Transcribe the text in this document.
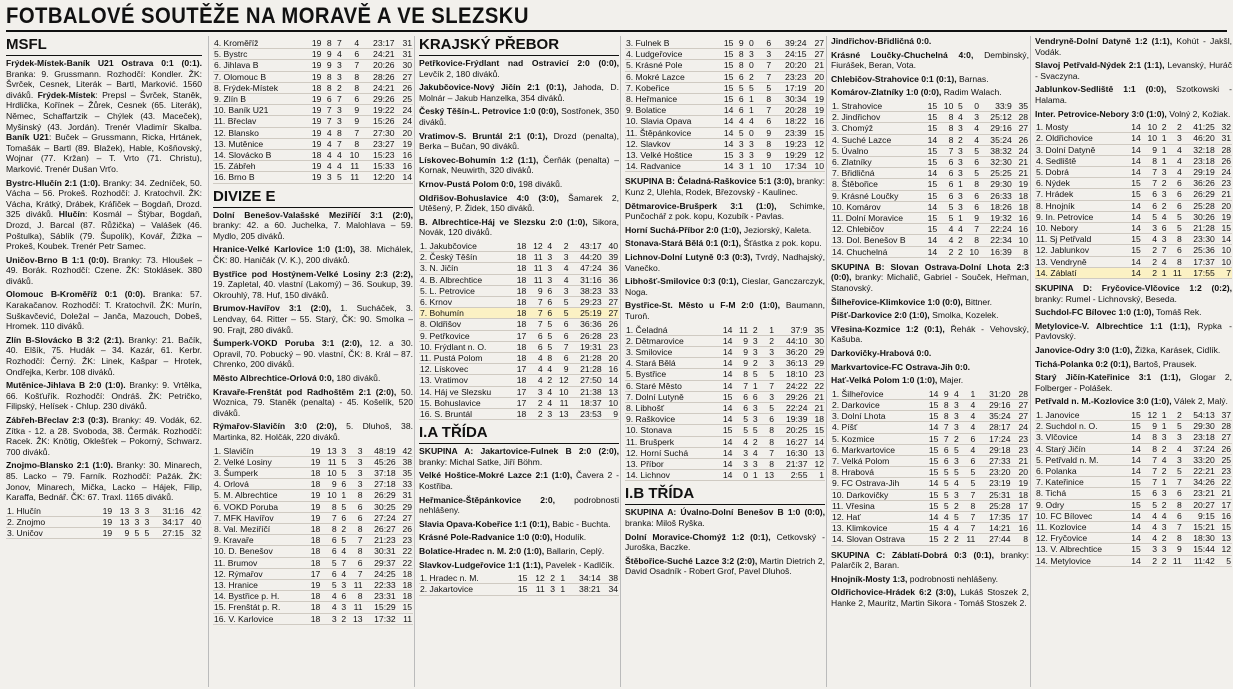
FOTBALOVÉ SOUTĚŽE NA MORAVĚ A VE SLEZSKU
MSFL

Frýdek-Místek-Baník U21 Ostrava 0:1 (0:1). Branka: 9. Grussmann. Rozhodčí: Kondler. ŽK: Švrček, Cesnek, Literák – Bartl, Marković. 1560 diváků. Frýdek-Místek: Prepsl – Švrček, Staněk, Hrdlička, Kořínek – Žůrek, Cesnek (65. Literák), Němec, Schaffartzik – Chýlek (43. Maceček), Myšinský (43. Jordán). Trenér Vladimír Skalba. Baník U21: Buček – Grussmann, Ricka, Hrtánek, Tomašák – Bartl (89. Blažek), Hable, Košňovský, Wojnar (77. Kržan) – T. Vrto (71. Christu), Marković. Trenér Dušan Vrťo.

Bystrc-Hlučín 2:1 (1:0). Branky: 34. Zedníček, 50. Vácha – 56. Prokeš. Rozhodčí: J. Kratochvíl. ŽK: Vácha, Krátký, Drábek, Kráľiček – Bogdaň, Drozd. 325 diváků. Hlučín: Kosmál – Štýbar, Bogdaň, Drozd, J. Barcal (87. Růžička) – Valášek (46. Poštulka), Sáblík (79. Šupolík), Kovář, Žižka – Prokeš, Koubek. Trenér Petr Samec.

Uničov-Brno B 1:1 (0:0). Branky: 73. Hloušek – 49. Borák. Rozhodčí: Czene. ŽK: Stoklásek. 380 diváků.

Olomouc B-Kroměříž 0:1 (0:0). Branka: 57. Karakačanov. Rozhodčí: T. Kratochvíl. ŽK: Murín, Suškavčević, Doležal – Janča, Mazouch, Dobeš, Hromek. 110 diváků.

Zlín B-Slovácko B 3:2 (2:1). Branky: 21. Bačík, 40. Elšík, 75. Hudák – 34. Kazár, 61. Kerbr. Rozhodčí: Černý. ŽK: Linek, Kašpar – Hrotek, Ondřejka, Kerbr. 108 diváků.

Mutěnice-Jihlava B 2:0 (1:0). Branky: 9. Vrtělka, 66. Košťuřík. Rozhodčí: Ondráš. ŽK: Petričko, Filipský, Helísek - Chlup. 230 diváků.

Zábřeh-Břeclav 2:3 (0:3). Branky: 49. Vodák, 62. Zítka - 12. a 28. Svoboda, 38. Čermák. Rozhodčí: Racek. ŽK: Knötig, Oklešťek – Pokorný, Schwarz. 700 diváků.

Znojmo-Blansko 2:1 (1:0). Branky: 30. Minarech, 85. Lacko – 79. Farník. Rozhodčí: Pažák. ŽK: Jonov, Minarech, Mička, Lacko – Hájek, Filip, Karaffa, Bednář. ČK: 67. Traxl. 1165 diváků.

1. Hlučín	19	13	3	3	31:16	42
2. Znojmo	19	13	3	3	34:17	40
3. Uničov	19	9	5	5	27:15	32
4. Kroměříž	19	8	7	4	23:17	31
5. Bystrc	19	9	4	6	24:21	31
6. Jihlava B	19	9	3	7	20:26	30
7. Olomouc B	19	8	3	8	28:26	27
8. Frýdek-Místek	18	8	2	8	24:21	26
9. Zlín B	19	6	7	6	29:26	25
10. Baník U21	19	7	3	9	19:22	24
11. Břeclav	19	7	3	9	15:26	24
12. Blansko	19	4	8	7	27:30	20
13. Mutěnice	19	4	7	8	23:27	19
14. Slovácko B	18	4	4	10	15:23	16
15. Zábřeh	19	4	4	11	15:33	16
16. Brno B	19	3	5	11	12:20	14
DIVIZE E

Dolní Benešov-Valašské Meziříčí 3:1 (2:0), branky: 42. a 60. Juchelka, 7. Malohlava – 59. Mydlo, 205 diváků.

Hranice-Velké Karlovice 1:0 (1:0), 38. Michálek, ČK: 80. Haničák (V. K.), 200 diváků.

Bystřice pod Hostýnem-Velké Losiny 2:3 (2:2), 19. Zapletal, 40. vlastní (Lakomý) – 36. Soukup, 39. Okrouhlý, 78. Huf, 150 diváků.

Brumov-Havířov 3:1 (2:0), 1. Sucháček, 3. Lendvay, 64. Ritter – 55. Starý, ČK: 90. Smolka – 90. Frajt, 280 diváků.

Šumperk-VOKD Poruba 3:1 (2:0), 12. a 30. Opravil, 70. Pobucký – 90. vlastní, ČK: 8. Král – 87. Chrenko, 200 diváků.

Město Albrechtice-Orlová 0:0, 180 diváků.

Kravaře-Frenštát pod Radhoštěm 2:1 (2:0), 50. Woznica, 79. Staněk (penalta) - 45. Košelík, 520 diváků.

Rýmařov-Slavičín 3:0 (2:0), 5. Dluhoš, 38. Martinka, 82. Holčák, 220 diváků.

1. Slavičín	19	13	3	3	48:19	42
2. Velké Losiny	19	11	5	3	45:26	38
3. Šumperk	18	10	5	3	37:18	35
4. Orlová	18	9	6	3	27:18	33
5. M. Albrechtice	19	10	1	8	26:29	31
6. VOKD Poruba	19	8	5	6	30:25	29
7. MFK Havířov	19	7	6	6	27:24	27
8. Val. Meziříčí	18	8	2	8	26:27	26
9. Kravaře	18	6	5	7	21:23	23
10. D. Benešov	18	6	4	8	30:31	22
11. Brumov	18	5	7	6	29:37	22
12. Rýmařov	17	6	4	7	24:25	18
13. Hranice	19	5	3	11	22:33	18
14. Bystřice p. H.	18	4	6	8	23:31	18
15. Frenštát p. R.	18	4	3	11	15:29	15
16. V. Karlovice	18	3	2	13	17:32	11
KRAJSKÝ PŘEBOR

Petřkovice-Frýdlant nad Ostravicí 2:0 (0:0), Levčík 2, 180 diváků.

Jakubčovice-Nový Jičín 2:1 (0:1), Jahoda, D. Molnár – Jakub Hanzelka, 354 diváků.

Český Těšín-L. Petrovice 1:0 (0:0), Sostřonek, 350 diváků.

Vratimov-S. Bruntál 2:1 (0:1), Drozd (penalta), Berka – Bučan, 90 diváků.

Lískovec-Bohumín 1:2 (1:1), Čerňák (penalta) – Kornak, Neuwirth, 320 diváků.

Krnov-Pustá Polom 0:0, 198 diváků.

Oldřišov-Bohuslavice 4:0 (3:0), Šamarek 2, Utěšený, P. Židek, 150 diváků.

B. Albrechtice-Háj ve Slezsku 2:0 (1:0), Sikora, Novák, 120 diváků.

1. Jakubčovice	18	12	4	2	43:17	40
2. Český Těšín	18	11	3	3	44:20	39
3. N. Jičín	18	11	3	4	47:24	36
4. B. Albrechtice	18	11	3	4	31:16	36
5. L. Petrovice	18	9	6	3	38:23	33
6. Krnov	18	7	6	5	29:23	27
7. Bohumín	18	7	6	5	25:19	27
8. Oldřišov	18	7	5	6	36:36	26
9. Petřkovice	17	6	5	6	26:28	23
10. Frýdlant n. O.	18	6	5	7	19:31	23
11. Pustá Polom	18	4	8	6	21:28	20
12. Lískovec	17	4	4	9	21:28	16
13. Vratimov	18	4	2	12	27:50	14
14. Háj ve Slezsku	17	3	4	10	21:38	13
15. Bohuslavice	17	2	4	11	18:37	10
16. S. Bruntál	18	2	3	13	23:53	9
I.A TŘÍDA

SKUPINA A: Jakartovice-Fulnek B 2:0 (2:0), branky: Michal Satke, Jiří Böhm.

Velké Hoštice-Mokré Lazce 2:1 (1:0), Čavera 2 - Kostřiba.

Heřmanice-Štěpánkovice 2:0, podrobnosti nehlášeny.

Slavia Opava-Kobeřice 1:1 (0:1), Babic - Buchta.

Krásné Pole-Radvanice 1:0 (0:0), Hodulík.

Bolatice-Hradec n. M. 2:0 (1:0), Ballarin, Ceplý.

Slavkov-Ludgeřovice 1:1 (1:1), Pavelek - Kadlčík.

1. Hradec n. M.	15	12	2	1	34:14	38
2. Jakartovice	15	11	3	1	38:21	34
3. Fulnek B	15	9	0	6	39:24	27
4. Ludgeřovice	15	8	3	3	24:15	27
5. Krásné Pole	15	8	0	7	20:20	21
6. Mokré Lazce	15	6	2	7	23:23	20
7. Kobeřice	15	5	5	5	17:19	20
8. Heřmanice	15	6	1	8	30:34	19
9. Bolatice	14	6	1	7	20:28	19
10. Slavia Opava	14	4	4	6	18:22	16
11. Štěpánkovice	14	5	0	9	23:39	15
12. Slavkov	14	3	3	8	19:23	12
13. Velké Hoštice	15	3	3	9	19:29	12
14. Radvanice	14	3	1	10	17:34	10

SKUPINA B: Čeladná-Raškovice 5:1 (3:0), branky: Kunz 2, Ulehla, Rodek, Březovský - Kaulinec.

Dětmarovice-Brušperk 3:1 (1:0), Schimke, Punčochář z pok. kopu, Kozubík - Pavlas.

Horní Suchá-Příbor 2:0 (1:0), Jeziorský, Kaleta.

Stonava-Stará Bělá 0:1 (0:1), Šťástka z pok. kopu.

Lichnov-Dolní Lutyně 0:3 (0:3), Tvrdý, Nadhajský, Vanečko.

Libhošť-Smilovice 0:3 (0:1), Cieslar, Ganczarczyk, Noga.

Bystřice-St. Město u F-M 2:0 (1:0), Baumann, Turoň.

1. Čeladná	14	11	2	1	37:9	35
2. Dětmarovice	14	9	3	2	44:10	30
3. Smilovice	14	9	3	3	36:20	29
4. Stará Bělá	14	9	2	3	36:13	29
5. Bystřice	14	8	5	5	18:10	23
6. Staré Město	14	7	1	7	24:22	22
7. Dolní Lutyně	15	6	6	3	29:26	21
8. Libhošť	14	6	3	5	22:24	21
9. Raškovice	14	5	3	6	19:39	18
10. Stonava	15	5	5	8	20:25	15
11. Brušperk	14	4	2	8	16:27	14
12. Horní Suchá	14	3	4	7	16:30	13
13. Příbor	14	3	3	8	21:37	12
14. Lichnov	14	0	1	13	2:55	1
I.B TŘÍDA

SKUPINA A: Úvalno-Dolní Benešov B 1:0 (0:0), branka: Miloš Ryška.

Dolní Moravice-Chomýž 1:2 (0:1), Cetkovský - Juroška, Baczke.

Štěbořice-Suché Lazce 3:2 (2:0), Martin Dietrich 2, David Osadník - Robert Grof, Pavel Dluhoš.

Jindřichov-Břidličná 0:0.

Krásné Loučky-Chuchelná 4:0, Dembinský, Fiurášek, Beran, Vota.

Chlebičov-Strahovice 0:1 (0:1), Barnas.

Komárov-Zlatníky 1:0 (0:0), Radim Walach.

1. Strahovice	15	10	5	0	33:9	35
2. Jindřichov	15	8	4	3	25:12	28
3. Chomýž	15	8	3	4	29:16	27
4. Suché Lazce	14	8	2	4	35:24	26
5. Úvalno	15	7	3	5	38:32	24
6. Zlatníky	15	6	3	6	32:30	21
7. Břidličná	14	6	3	5	25:25	21
8. Štěbořice	15	6	1	8	29:30	19
9. Krásné Loučky	15	6	3	6	26:33	18
10. Komárov	14	5	3	6	18:26	18
11. Dolní Moravice	15	5	1	9	19:32	16
12. Chlebičov	15	4	4	7	22:24	16
13. Dol. Benešov B	14	4	2	8	22:34	10
14. Chuchelná	14	2	2	10	16:39	8

SKUPINA B: Slovan Ostrava-Dolní Lhota 2:3 (0:0), branky: Michalič, Gabriel - Souček, Heřman, Stanovský.

Šilheřovice-Klimkovice 1:0 (0:0), Bittner.

Píšť-Darkovice 2:0 (1:0), Smolka, Kozelek.

Vřesina-Kozmice 1:2 (0:1), Řehák - Vehovský, Kašuba.

Darkovičky-Hrabová 0:0.

Markvartovice-FC Ostrava-Jih 0:0.

Hať-Velká Polom 1:0 (1:0), Majer.

1. Šilheřovice	14	9	4	1	31:20	28
2. Darkovice	15	8	3	4	29:16	27
3. Dolní Lhota	15	8	3	4	35:24	27
4. Píšť	14	7	3	4	28:17	24
5. Kozmice	15	7	2	6	17:24	23
6. Markvartovice	15	6	5	4	29:18	23
7. Velká Polom	15	6	3	6	27:33	21
8. Hrabová	15	5	5	5	23:20	20
9. FC Ostrava-Jih	14	5	4	5	23:19	19
10. Darkovičky	15	5	3	7	25:31	18
11. Vřesina	15	5	2	8	25:28	17
12. Hať	14	4	5	7	17:35	17
13. Klimkovice	15	4	4	7	14:21	16
14. Slovan Ostrava	15	2	2	11	27:44	8

SKUPINA C: Záblatí-Dobrá 0:3 (0:1), branky: Palarčík 2, Baran.

Hnojník-Mosty 1:3, podrobnosti nehlášeny.

Oldřichovice-Hrádek 6:2 (3:0), Lukáš Stoszek 2, Hanke 2, Mauritz, Martin Sikora - Tomáš Stoszek 2.

Vendryně-Dolní Datyně 1:2 (1:1), Kohút - Jakšl, Vodák.

Slavoj Petřvald-Nýdek 2:1 (1:1), Levanský, Huráč - Svaczyna.

Jablunkov-Sedliště 1:1 (0:0), Szotkowski - Halama.

Inter. Petrovice-Nebory 3:0 (1:0), Volný 2, Kožiak.

1. Mosty	14	10	2	2	41:25	32
2. Oldřichovice	14	10	1	3	46:20	31
3. Dolní Datyně	14	9	1	4	32:18	28
4. Sedliště	14	8	1	4	23:18	26
5. Dobrá	14	7	3	4	29:19	24
6. Nýdek	15	7	2	6	36:26	23
7. Hrádek	15	6	3	6	26:29	21
8. Hnojník	14	6	2	6	25:28	20
9. In. Petrovice	14	5	4	5	30:26	19
10. Nebory	14	3	6	5	21:28	15
11. Sj Petřvald	15	4	3	8	23:30	14
12. Jablunkov	15	2	7	6	25:36	10
13. Vendryně	14	2	4	8	17:37	10
14. Záblatí	14	2	1	11	17:55	7

SKUPINA D: Fryčovice-Vlčovice 1:2 (0:2), branky: Rumel - Lichnovský, Beseda.

Suchdol-FC Bílovec 1:0 (1:0), Tomáš Rek.

Metylovice-V. Albrechtice 1:1 (1:1), Rypka - Pavlovský.

Janovice-Odry 3:0 (1:0), Žižka, Karásek, Cidlík.

Tichá-Polanka 0:2 (0:1), Bartoš, Prausek.

Starý Jičín-Kateřinice 3:1 (1:1), Glogar 2, Folberger - Polášek.

Petřvald n. M.-Kozlovice 3:0 (1:0), Válek 2, Malý.

1. Janovice	15	12	1	2	54:13	37
2. Suchdol n. O.	15	9	1	5	29:30	28
3. Vlčovice	14	8	3	3	23:18	27
4. Starý Jičín	14	8	2	4	37:24	26
5. Petřvald n. M.	14	7	4	3	33:20	25
6. Polanka	14	7	2	5	22:21	23
7. Kateřinice	15	7	1	7	34:26	22
8. Tichá	15	6	3	6	23:21	21
9. Odry	15	5	2	8	20:27	17
10. FC Bílovec	14	4	4	6	9:15	16
11. Kozlovice	14	4	3	7	15:21	15
12. Fryčovice	14	4	2	8	18:30	13
13. V. Albrechtice	15	3	3	9	15:44	12
14. Metylovice	14	2	2	11	11:42	5
